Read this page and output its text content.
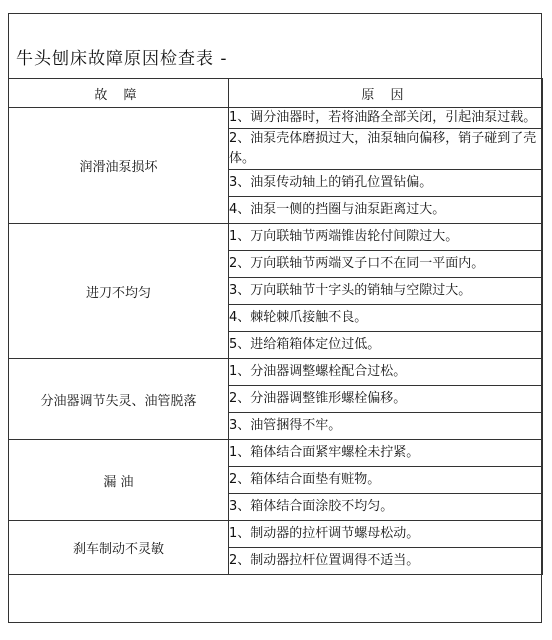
牛头刨床故障原因检查表 -
故 障	原 因
润滑油泵损坏	1、调分油器时，若将油路全部关闭，引起油泵过载。
	2、油泵壳体磨损过大，油泵轴向偏移，销子碰到了壳体。
	3、油泵传动轴上的销孔位置钻偏。
	4、油泵一侧的挡圈与油泵距离过大。
进刀不均匀	1、万向联轴节两端锥齿轮付间隙过大。
	2、万向联轴节两端叉子口不在同一平面内。
	3、万向联轴节十字头的销轴与空隙过大。
	4、棘轮棘爪接触不良。
	5、进给箱箱体定位过低。
分油器调节失灵、油管脱落	1、分油器调整螺栓配合过松。
	2、分油器调整锥形螺栓偏移。
	3、油管捆得不牢。
漏 油	1、箱体结合面紧牢螺栓未拧紧。
	2、箱体结合面垫有赃物。
	3、箱体结合面涂胶不均匀。
刹车制动不灵敏	1、制动器的拉杆调节螺母松动。
	2、制动器拉杆位置调得不适当。
